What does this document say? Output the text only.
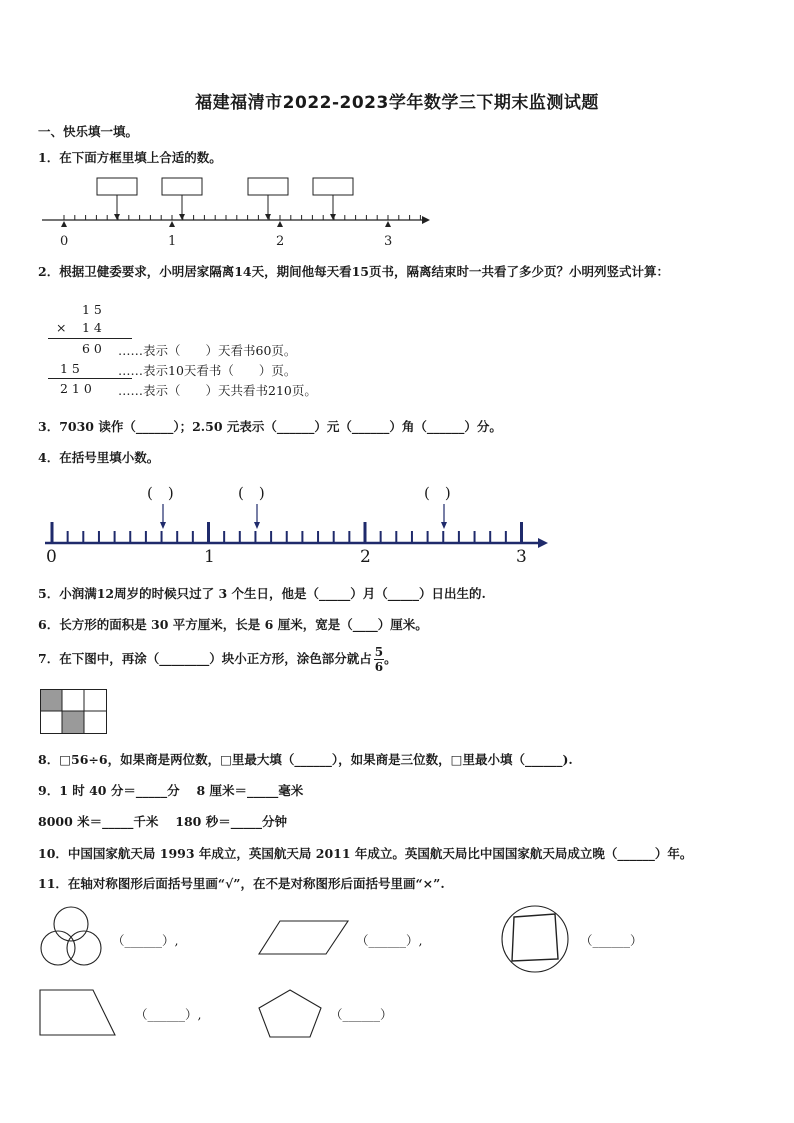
福建福清市2022-2023学年数学三下期末监测试题
一、快乐填一填。
1．在下面方框里填上合适的数。
0	1	2	3
2．根据卫健委要求，小明居家隔离14天，期间他每天看15页书，隔离结束时一共看了多少页？小明列竖式计算：
1 5
× 1 4
6 0 ……表示（　　）天看书60页。
1 5	……表示10天看书（　　）页。
2 1 0 ……表示（　　）天共看书210页。
3．7030 读作（______）；2.50 元表示（______）元（______）角（______）分。
4．在括号里填小数。
(　)	(　)	(　)
0	1	2	3
5．小润满12周岁的时候只过了 3 个生日，他是（_____）月（_____）日出生的.
6．长方形的面积是 30 平方厘米，长是 6 厘米，宽是（____）厘米。
7．在下图中，再涂（________）块小正方形，涂色部分就占 $\frac{5}{6}$ 。
8．□56÷6，如果商是两位数，□里最大填（______），如果商是三位数，□里最小填（______).
9．1 时 40 分＝_____分　 8 厘米＝_____毫米
8000 米＝_____千米　 180 秒＝_____分钟
10．中国国家航天局 1993 年成立，英国航天局 2011 年成立。英国航天局比中国国家航天局成立晚（______）年。
11．在轴对称图形后面括号里画“√”，在不是对称图形后面括号里画“×”.
（______）,	（______）,	（______）
（______）,	（______）
